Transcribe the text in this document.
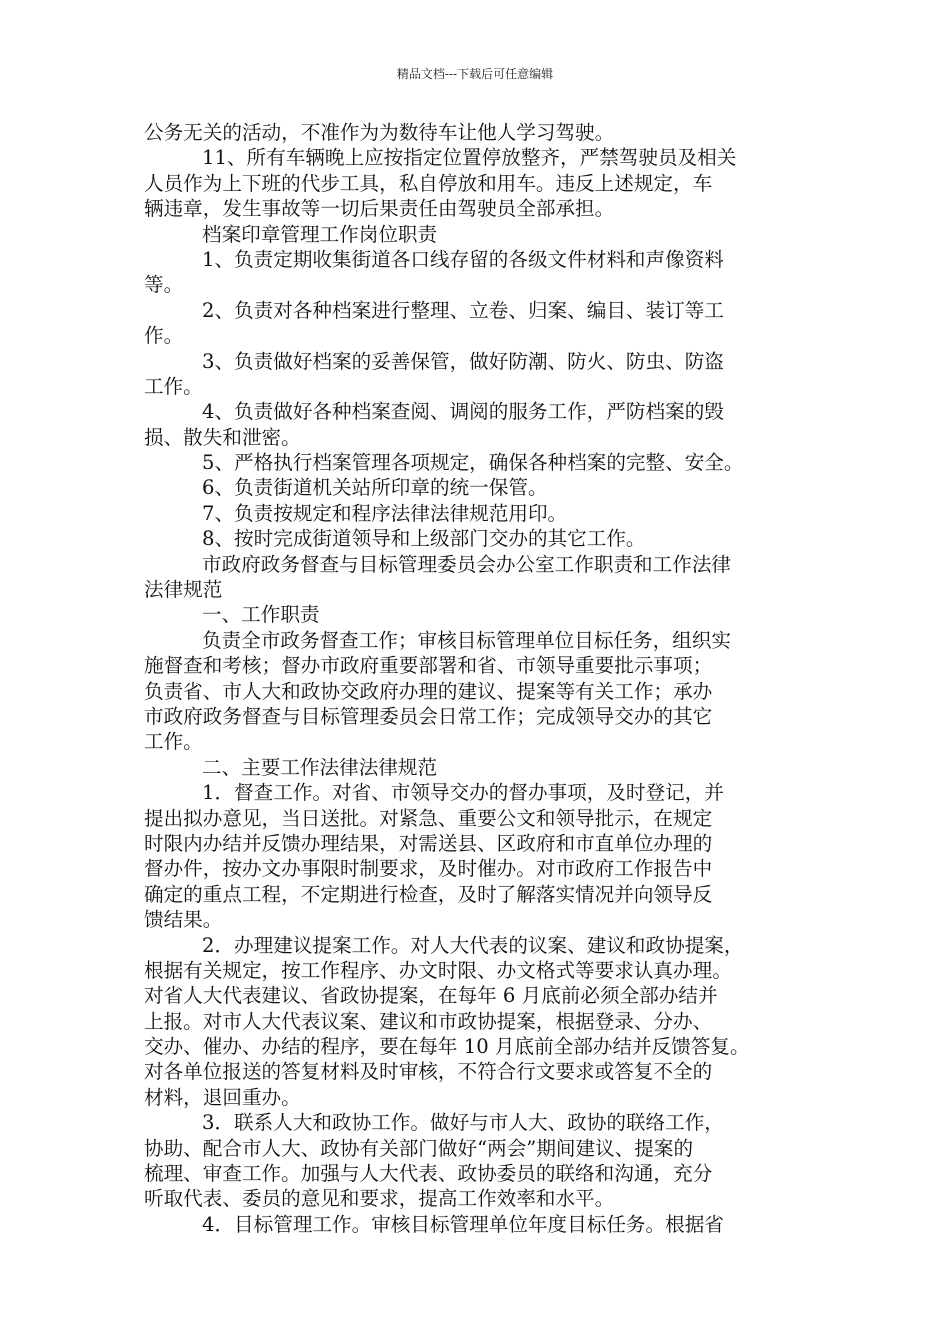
精品文档---下载后可任意编辑
公务无关的活动，不准作为为数待车让他人学习驾驶。
11、所有车辆晚上应按指定位置停放整齐，严禁驾驶员及相关
人员作为上下班的代步工具，私自停放和用车。违反上述规定，车
辆违章，发生事故等一切后果责任由驾驶员全部承担。
档案印章管理工作岗位职责
1、负责定期收集街道各口线存留的各级文件材料和声像资料
等。
2、负责对各种档案进行整理、立卷、归案、编目、装订等工
作。
3、负责做好档案的妥善保管，做好防潮、防火、防虫、防盗
工作。
4、负责做好各种档案查阅、调阅的服务工作，严防档案的毁
损、散失和泄密。
5、严格执行档案管理各项规定，确保各种档案的完整、安全。
6、负责街道机关站所印章的统一保管。
7、负责按规定和程序法律法律规范用印。
8、按时完成街道领导和上级部门交办的其它工作。
市政府政务督查与目标管理委员会办公室工作职责和工作法律
法律规范
一、工作职责
负责全市政务督查工作；审核目标管理单位目标任务，组织实
施督查和考核；督办市政府重要部署和省、市领导重要批示事项；
负责省、市人大和政协交政府办理的建议、提案等有关工作；承办
市政府政务督查与目标管理委员会日常工作；完成领导交办的其它
工作。
二、主要工作法律法律规范
1．督查工作。对省、市领导交办的督办事项，及时登记，并
提出拟办意见，当日送批。对紧急、重要公文和领导批示，在规定
时限内办结并反馈办理结果，对需送县、区政府和市直单位办理的
督办件，按办文办事限时制要求，及时催办。对市政府工作报告中
确定的重点工程，不定期进行检查，及时了解落实情况并向领导反
馈结果。
2．办理建议提案工作。对人大代表的议案、建议和政协提案，
根据有关规定，按工作程序、办文时限、办文格式等要求认真办理。
对省人大代表建议、省政协提案，在每年 6 月底前必须全部办结并
上报。对市人大代表议案、建议和市政协提案，根据登录、分办、
交办、催办、办结的程序，要在每年 10 月底前全部办结并反馈答复。
对各单位报送的答复材料及时审核，不符合行文要求或答复不全的
材料，退回重办。
3．联系人大和政协工作。做好与市人大、政协的联络工作，
协助、配合市人大、政协有关部门做好“两会”期间建议、提案的
梳理、审查工作。加强与人大代表、政协委员的联络和沟通，充分
听取代表、委员的意见和要求，提高工作效率和水平。
4．目标管理工作。审核目标管理单位年度目标任务。根据省
